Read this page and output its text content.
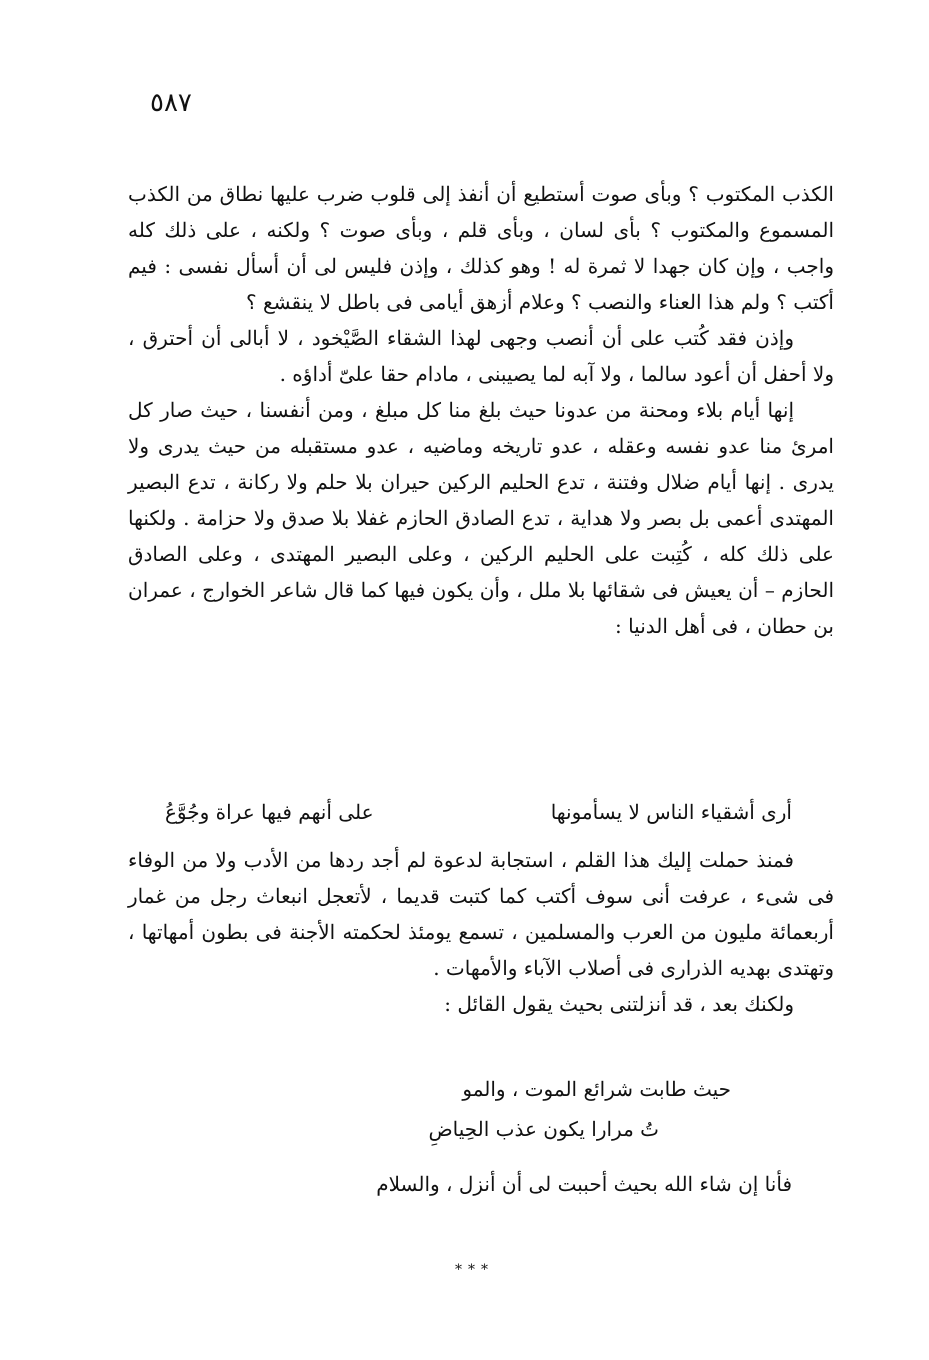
٥٨٧

الكذب المكتوب ؟ وبأى صوت أستطيع أن أنفذ إلى قلوب ضرب عليها نطاق من الكذب المسموع والمكتوب ؟ بأى لسان ، وبأى قلم ، وبأى صوت ؟ ولكنه ، على ذلك كله واجب ، وإن كان جهدا لا ثمرة له ! وهو كذلك ، وإذن فليس لى أن أسأل نفسى : فيم أكتب ؟ ولم هذا العناء والنصب ؟ وعلام أزهق أيامى فى باطل لا ينقشع ؟

وإذن فقد كُتب على أن أنصب وجهى لهذا الشقاء الصَّيْخود ، لا أبالى أن أحترق ، ولا أحفل أن أعود سالما ، ولا آبه لما يصيبنى ، مادام حقا علىّ أداؤه .

إنها أيام بلاء ومحنة من عدونا حيث بلغ منا كل مبلغ ، ومن أنفسنا ، حيث صار كل امرئ منا عدو نفسه وعقله ، عدو تاريخه وماضيه ، عدو مستقبله من حيث يدرى ولا يدرى . إنها أيام ضلال وفتنة ، تدع الحليم الركين حيران بلا حلم ولا ركانة ، تدع البصير المهتدى أعمى بل بصر ولا هداية ، تدع الصادق الحازم غفلا بلا صدق ولا حزامة . ولكنها على ذلك كله ، كُتِبت على الحليم الركين ، وعلى البصير المهتدى ، وعلى الصادق الحازم – أن يعيش فى شقائها بلا ملل ، وأن يكون فيها كما قال شاعر الخوارج ، عمران بن حطان ، فى أهل الدنيا :

أرى أشقياء الناس لا يسأمونها
على أنهم فيها عراة وجُوَّعُ

فمنذ حملت إليك هذا القلم ، استجابة لدعوة لم أجد ردها من الأدب ولا من الوفاء فى شىء ، عرفت أنى سوف أكتب كما كتبت قديما ، لأتعجل انبعاث رجل من غمار أربعمائة مليون من العرب والمسلمين ، تسمع يومئذ لحكمته الأجنة فى بطون أمهاتها ، وتهتدى بهديه الذرارى فى أصلاب الآباء والأمهات .

ولكنك بعد ، قد أنزلتنى بحيث يقول القائل :

حيث طابت شرائع الموت ، والمو
تُ مرارا يكون عذب الحِياضِ
فأنا إن شاء الله بحيث أحببت لى أن أنزل ، والسلام
***
